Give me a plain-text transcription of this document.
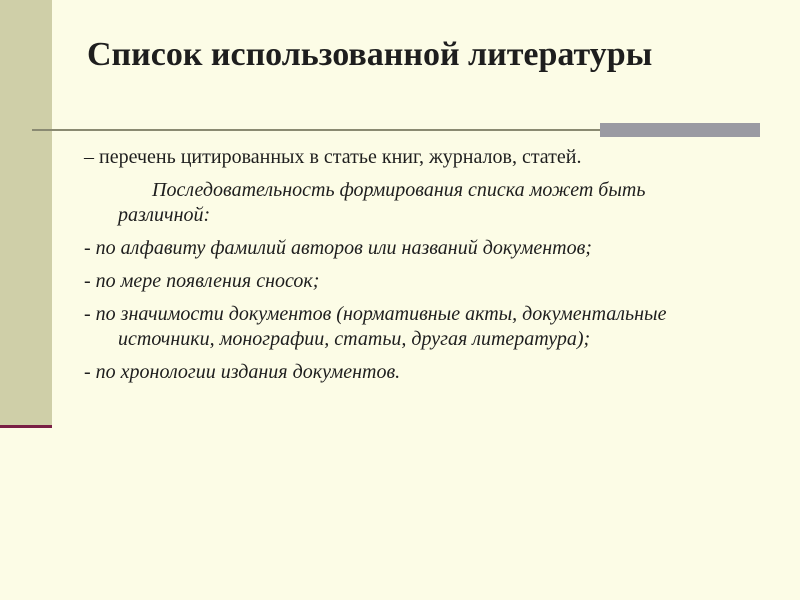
Список использованной литературы

– перечень цитированных в статье книг, журналов, статей.

Последовательность формирования списка может быть различной:

- по алфавиту фамилий авторов или названий документов;

- по мере появления сносок;

- по значимости документов (нормативные акты, документальные источники, монографии, статьи, другая литература);

- по хронологии издания документов.
